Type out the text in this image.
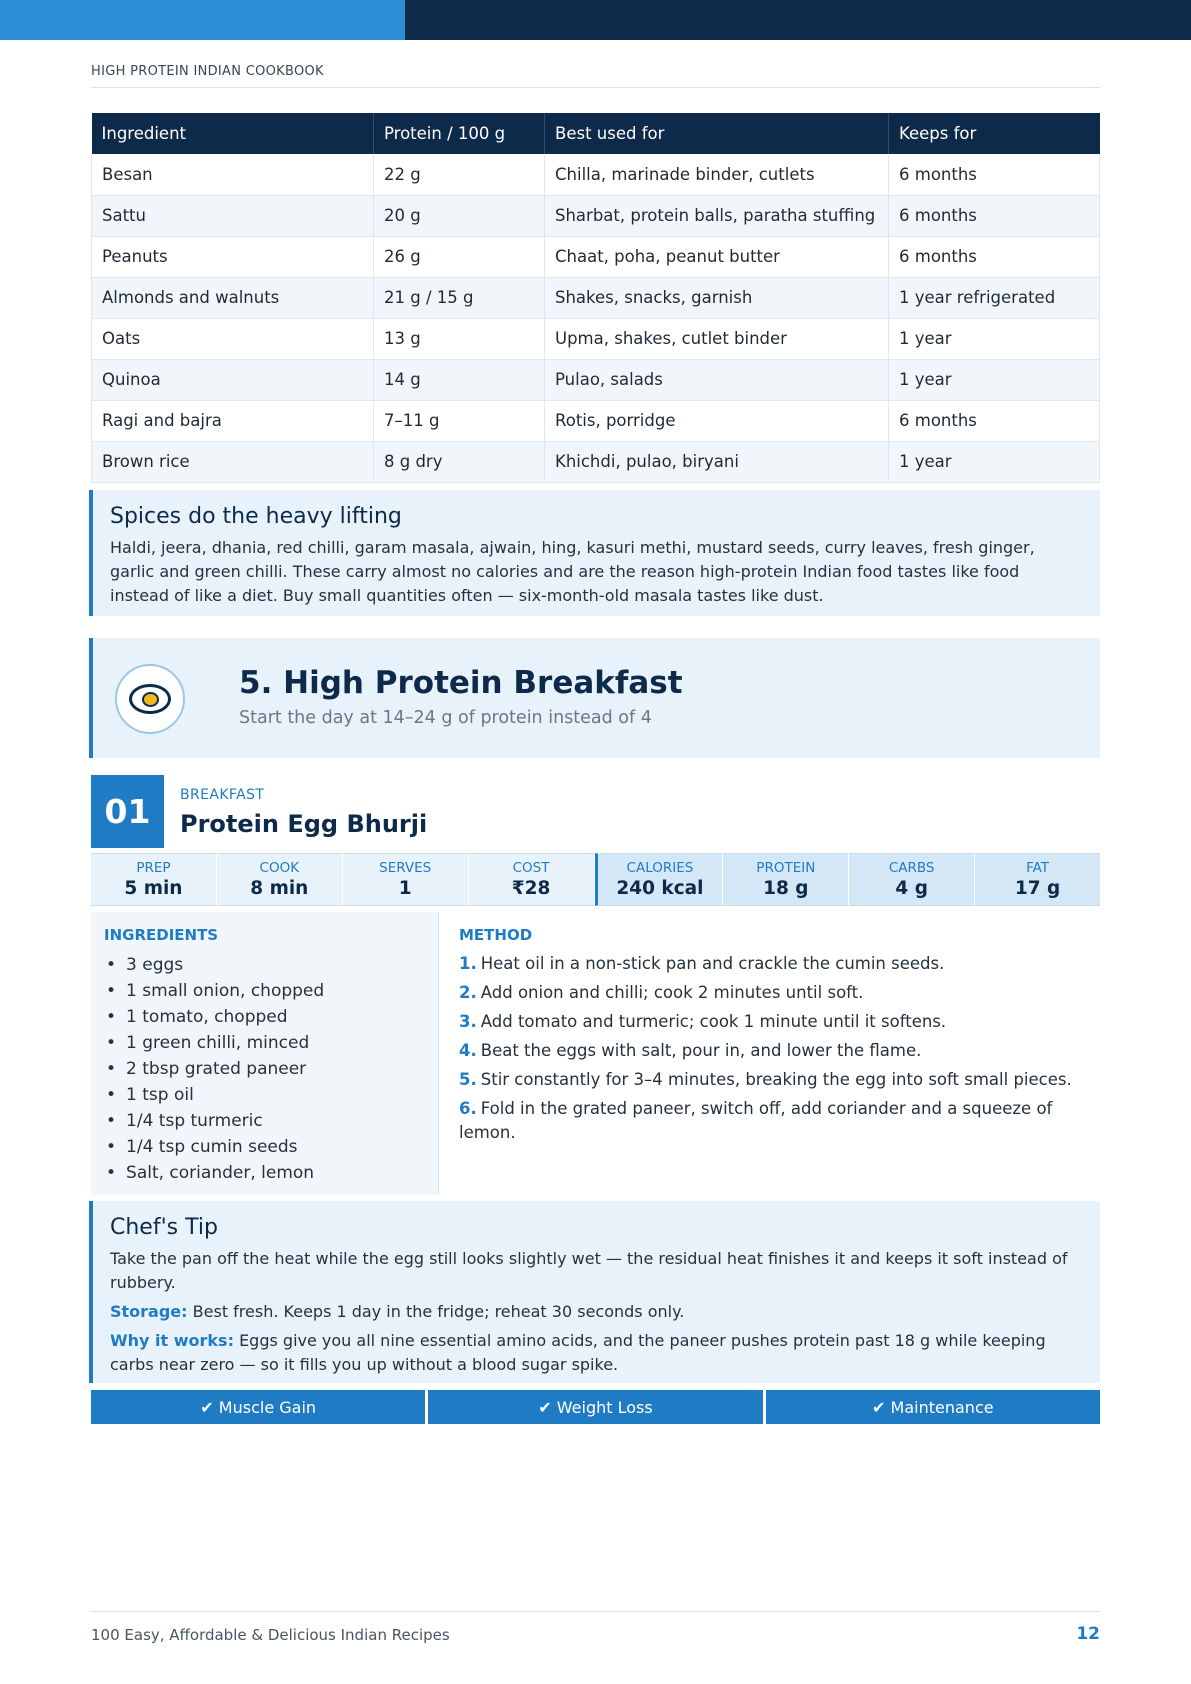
HIGH PROTEIN INDIAN COOKBOOK
Ingredient	Protein / 100 g	Best used for	Keeps for
Besan	22 g	Chilla, marinade binder, cutlets	6 months
Sattu	20 g	Sharbat, protein balls, paratha stuffing	6 months
Peanuts	26 g	Chaat, poha, peanut butter	6 months
Almonds and walnuts	21 g / 15 g	Shakes, snacks, garnish	1 year refrigerated
Oats	13 g	Upma, shakes, cutlet binder	1 year
Quinoa	14 g	Pulao, salads	1 year
Ragi and bajra	7–11 g	Rotis, porridge	6 months
Brown rice	8 g dry	Khichdi, pulao, biryani	1 year
Spices do the heavy lifting

Haldi, jeera, dhania, red chilli, garam masala, ajwain, hing, kasuri methi, mustard seeds, curry leaves, fresh ginger, garlic and green chilli. These carry almost no calories and are the reason high-protein Indian food tastes like food instead of like a diet. Buy small quantities often — six-month-old masala tastes like dust.

5. High Protein Breakfast
Start the day at 14–24 g of protein instead of 4
01	BREAKFAST
Protein Egg Bhurji
PREP
5 min
COOK
8 min
SERVES
1
COST
₹28
CALORIES
240 kcal
PROTEIN
18 g
CARBS
4 g
FAT
17 g
INGREDIENTS
• 3 eggs
• 1 small onion, chopped
• 1 tomato, chopped
• 1 green chilli, minced
• 2 tbsp grated paneer
• 1 tsp oil
• 1/4 tsp turmeric
• 1/4 tsp cumin seeds
• Salt, coriander, lemon
METHOD
1. Heat oil in a non-stick pan and crackle the cumin seeds.
2. Add onion and chilli; cook 2 minutes until soft.
3. Add tomato and turmeric; cook 1 minute until it softens.
4. Beat the eggs with salt, pour in, and lower the flame.
5. Stir constantly for 3–4 minutes, breaking the egg into soft small pieces.
6. Fold in the grated paneer, switch off, add coriander and a squeeze of lemon.
Chef's Tip

Take the pan off the heat while the egg still looks slightly wet — the residual heat finishes it and keeps it soft instead of rubbery.

Storage: Best fresh. Keeps 1 day in the fridge; reheat 30 seconds only.

Why it works: Eggs give you all nine essential amino acids, and the paneer pushes protein past 18 g while keeping carbs near zero — so it fills you up without a blood sugar spike.

✔ Muscle Gain	✔ Weight Loss	✔ Maintenance
100 Easy, Affordable & Delicious Indian Recipes	12
